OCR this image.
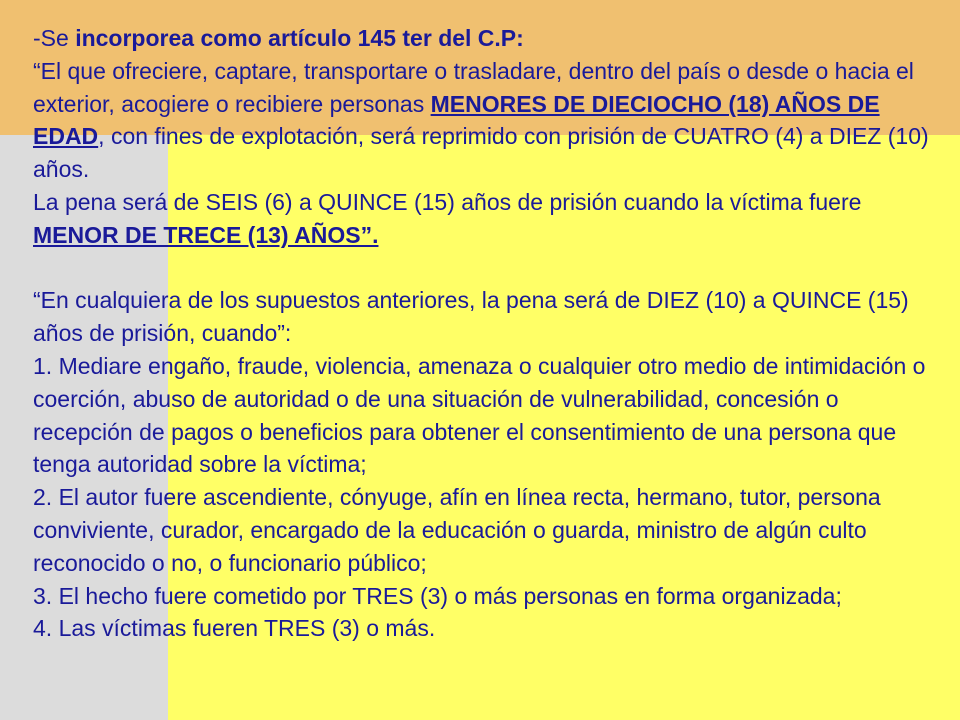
-Se incorporea como artículo 145 ter del C.P:

“El que ofreciere, captare, transportare o trasladare, dentro del país o desde o hacia el exterior, acogiere o recibiere personas MENORES DE DIECIOCHO (18) AÑOS DE EDAD, con fines de explotación, será reprimido con prisión de CUATRO (4) a DIEZ (10) años.

La pena será de SEIS (6) a QUINCE (15) años de prisión cuando la víctima fuere MENOR DE TRECE (13) AÑOS”.

“En cualquiera de los supuestos anteriores, la pena será de DIEZ (10) a QUINCE (15) años de prisión, cuando”:

1. Mediare engaño, fraude, violencia, amenaza o cualquier otro medio de intimidación o coerción, abuso de autoridad o de una situación de vulnerabilidad, concesión o recepción de pagos o beneficios para obtener el consentimiento de una persona que tenga autoridad sobre la víctima;

2. El autor fuere ascendiente, cónyuge, afín en línea recta, hermano, tutor, persona conviviente, curador, encargado de la educación o guarda, ministro de algún culto reconocido o no, o funcionario público;

3. El hecho fuere cometido por TRES (3) o más personas en forma organizada;

4. Las víctimas fueren TRES (3) o más.
